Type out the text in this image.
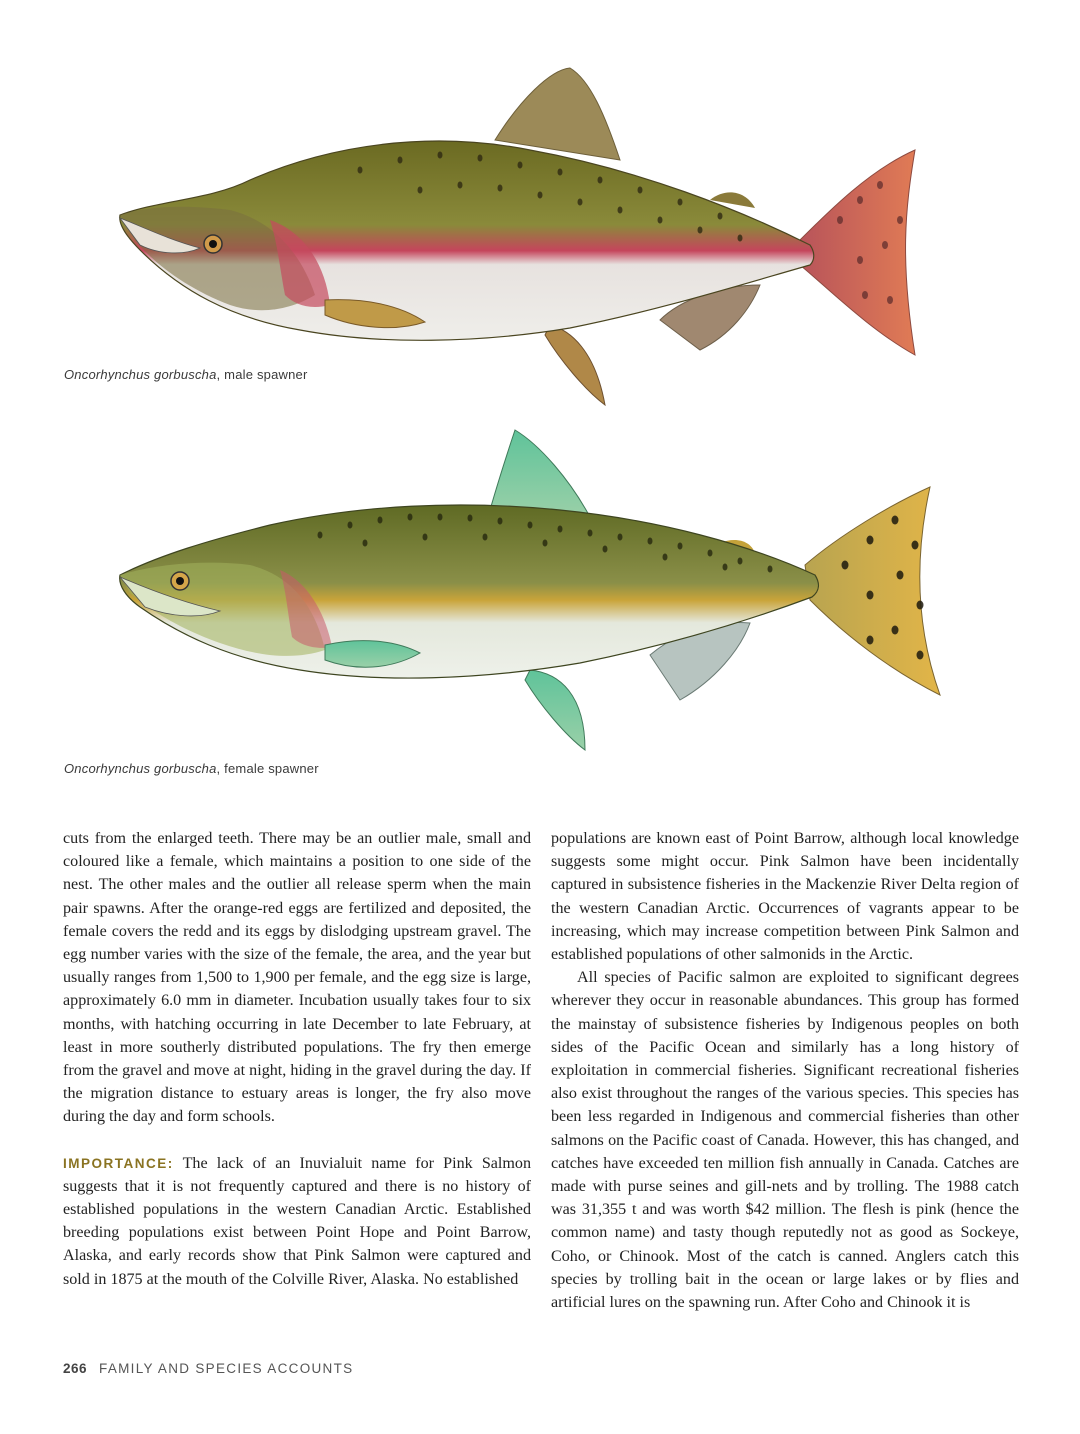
Oncorhynchus gorbuscha, male spawner
Oncorhynchus gorbuscha, female spawner

cuts from the enlarged teeth. There may be an outlier male, small and coloured like a female, which maintains a position to one side of the nest. The other males and the outlier all release sperm when the main pair spawns. After the orange-red eggs are fertilized and deposited, the female covers the redd and its eggs by dislodging upstream gravel. The egg number varies with the size of the female, the area, and the year but usually ranges from 1,500 to 1,900 per female, and the egg size is large, approximately 6.0 mm in diameter. Incubation usually takes four to six months, with hatching occurring in late December to late February, at least in more southerly distributed populations. The fry then emerge from the gravel and move at night, hiding in the gravel during the day. If the migration distance to estuary areas is longer, the fry also move during the day and form schools.

IMPORTANCE: The lack of an Inuvialuit name for Pink Salmon suggests that it is not frequently captured and there is no history of established populations in the western Canadian Arctic. Established breeding populations exist between Point Hope and Point Barrow, Alaska, and early records show that Pink Salmon were captured and sold in 1875 at the mouth of the Colville River, Alaska. No established

populations are known east of Point Barrow, although local knowledge suggests some might occur. Pink Salmon have been incidentally captured in subsistence fisheries in the Mackenzie River Delta region of the western Canadian Arctic. Occurrences of vagrants appear to be increasing, which may increase competition between Pink Salmon and established populations of other salmonids in the Arctic.

All species of Pacific salmon are exploited to significant degrees wherever they occur in reasonable abundances. This group has formed the mainstay of subsistence fisheries by Indigenous peoples on both sides of the Pacific Ocean and similarly has a long history of exploitation in commercial fisheries. Significant recreational fisheries also exist throughout the ranges of the various species. This species has been less regarded in Indigenous and commercial fisheries than other salmons on the Pacific coast of Canada. However, this has changed, and catches have exceeded ten million fish annually in Canada. Catches are made with purse seines and gill-nets and by trolling. The 1988 catch was 31,355 t and was worth $42 million. The flesh is pink (hence the common name) and tasty though reputedly not as good as Sockeye, Coho, or Chinook. Most of the catch is canned. Anglers catch this species by trolling bait in the ocean or large lakes or by flies and artificial lures on the spawning run. After Coho and Chinook it is

266 FAMILY AND SPECIES ACCOUNTS
